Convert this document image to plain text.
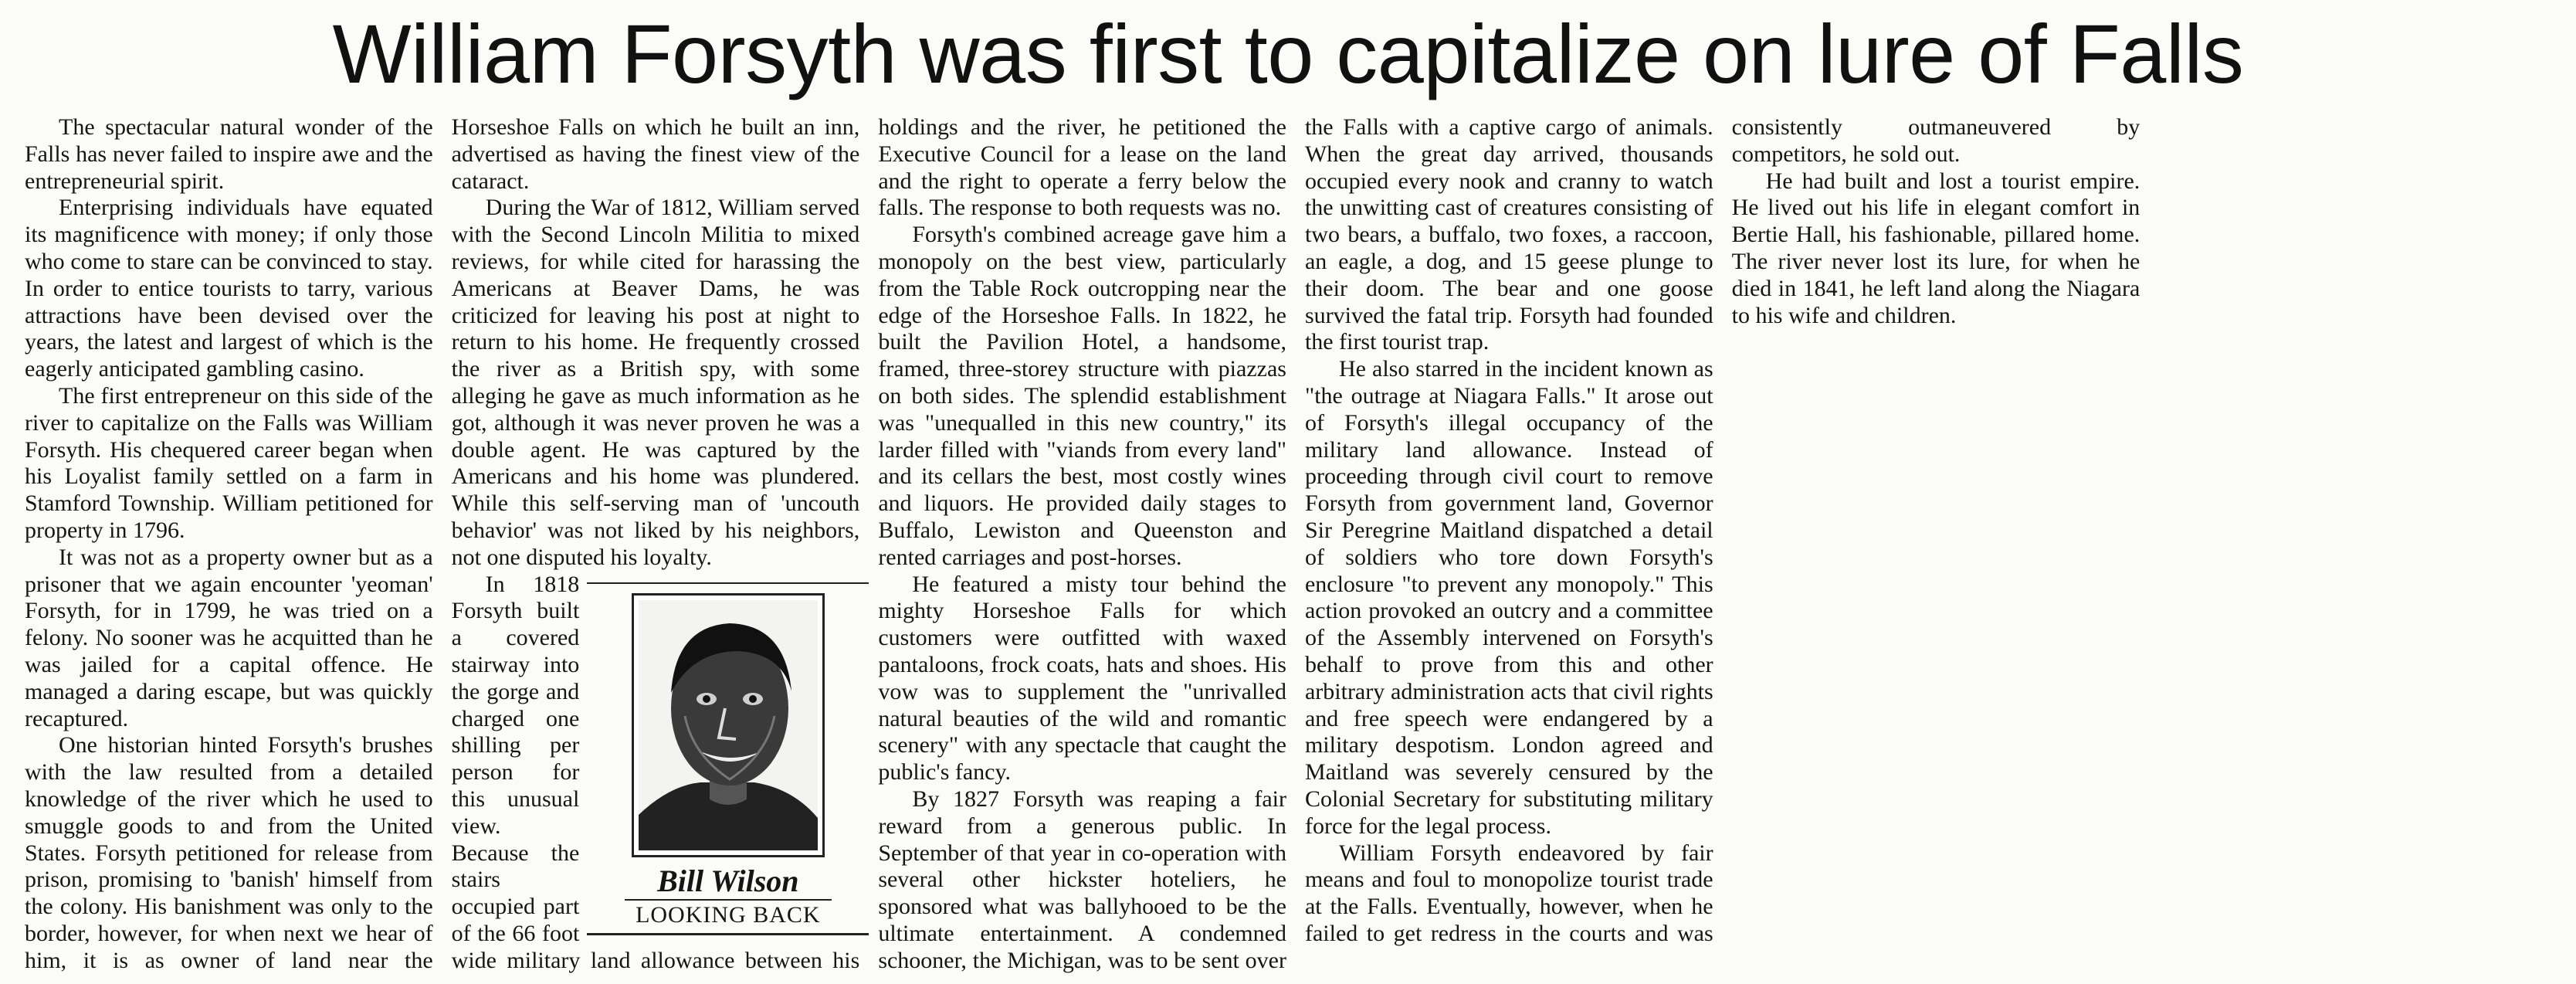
William Forsyth was first to capitalize on lure of Falls

The spectacular natural wonder of the Falls has never failed to inspire awe and the entrepreneurial spirit.

Enterprising individuals have equated its magnificence with money; if only those who come to stare can be convinced to stay. In order to entice tourists to tarry, various attractions have been devised over the years, the latest and largest of which is the eagerly anticipated gambling casino.

The first entrepreneur on this side of the river to capitalize on the Falls was William Forsyth. His chequered career began when his Loyalist family settled on a farm in Stamford Township. William petitioned for property in 1796.

It was not as a property owner but as a prisoner that we again encounter 'yeoman' Forsyth, for in 1799, he was tried on a felony. No sooner was he acquitted than he was jailed for a capital offence. He managed a daring escape, but was quickly recaptured.

One historian hinted Forsyth's brushes with the law resulted from a detailed knowledge of the river which he used to smuggle goods to and from the United States. Forsyth petitioned for release from prison, promising to 'banish' himself from the colony. His banishment was only to the border, however, for when next we hear of him, it is as owner of land near the Horseshoe Falls on which he built an inn, advertised as having the finest view of the cataract.

During the War of 1812, William served with the Second Lincoln Militia to mixed reviews, for while cited for harassing the Americans at Beaver Dams, he was criticized for leaving his post at night to return to his home. He frequently crossed the river as a British spy, with some alleging he gave as much information as he got, although it was never proven he was a double agent. He was captured by the Americans and his home was plundered. While this self-serving man of 'uncouth behavior' was not liked by his neighbors, not one disputed his loyalty.

Bill Wilson
LOOKING BACK

In 1818 Forsyth built a covered stairway into the gorge and charged one shilling per person for this unusual view. Because the stairs occupied part of the 66 foot wide military land allowance between his holdings and the river, he petitioned the Executive Council for a lease on the land and the right to operate a ferry below the falls. The response to both requests was no.

Forsyth's combined acreage gave him a monopoly on the best view, particularly from the Table Rock outcropping near the edge of the Horseshoe Falls. In 1822, he built the Pavilion Hotel, a handsome, framed, three-storey structure with piazzas on both sides. The splendid establishment was "unequalled in this new country," its larder filled with "viands from every land" and its cellars the best, most costly wines and liquors. He provided daily stages to Buffalo, Lewiston and Queenston and rented carriages and post-horses.

He featured a misty tour behind the mighty Horseshoe Falls for which customers were outfitted with waxed pantaloons, frock coats, hats and shoes. His vow was to supplement the "unrivalled natural beauties of the wild and romantic scenery" with any spectacle that caught the public's fancy.

By 1827 Forsyth was reaping a fair reward from a generous public. In September of that year in co-operation with several other hickster hoteliers, he sponsored what was ballyhooed to be the ultimate entertainment. A condemned schooner, the Michigan, was to be sent over the Falls with a captive cargo of animals. When the great day arrived, thousands occupied every nook and cranny to watch the unwitting cast of creatures consisting of two bears, a buffalo, two foxes, a raccoon, an eagle, a dog, and 15 geese plunge to their doom. The bear and one goose survived the fatal trip. Forsyth had founded the first tourist trap.

He also starred in the incident known as "the outrage at Niagara Falls." It arose out of Forsyth's illegal occupancy of the military land allowance. Instead of proceeding through civil court to remove Forsyth from government land, Governor Sir Peregrine Maitland dispatched a detail of soldiers who tore down Forsyth's enclosure "to prevent any monopoly." This action provoked an outcry and a committee of the Assembly intervened on Forsyth's behalf to prove from this and other arbitrary administration acts that civil rights and free speech were endangered by a military despotism. London agreed and Maitland was severely censured by the Colonial Secretary for substituting military force for the legal process.

William Forsyth endeavored by fair means and foul to monopolize tourist trade at the Falls. Eventually, however, when he failed to get redress in the courts and was consistently outmaneuvered by competitors, he sold out.

He had built and lost a tourist empire. He lived out his life in elegant comfort in Bertie Hall, his fashionable, pillared home. The river never lost its lure, for when he died in 1841, he left land along the Niagara to his wife and children.
